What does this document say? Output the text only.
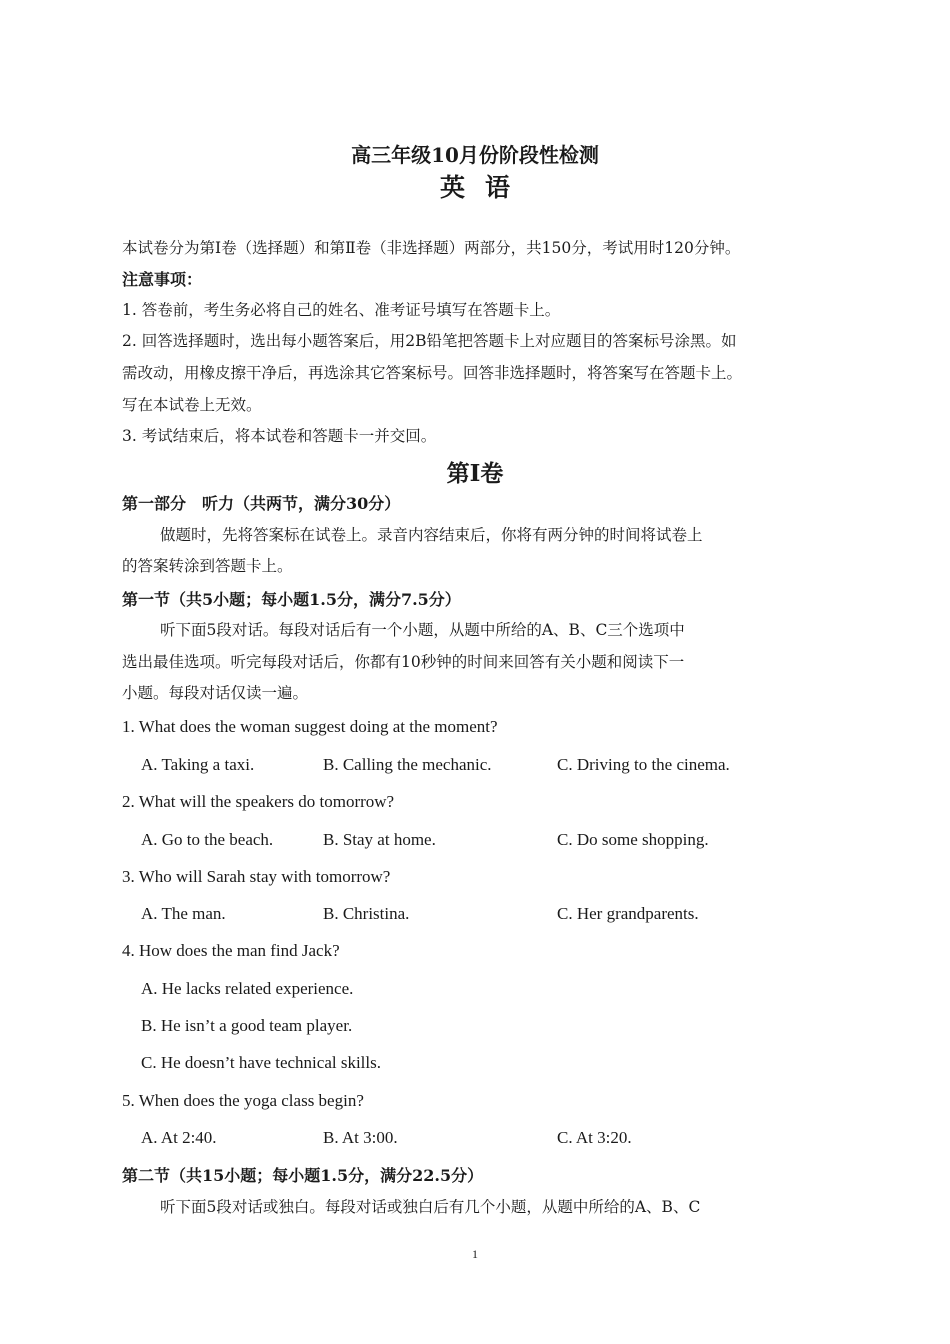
高三年级10月份阶段性检测
英语
本试卷分为第Ⅰ卷（选择题）和第Ⅱ卷（非选择题）两部分，共150分，考试用时120分钟。
注意事项：
1. 答卷前，考生务必将自己的姓名、准考证号填写在答题卡上。
2. 回答选择题时，选出每小题答案后，用2B铅笔把答题卡上对应题目的答案标号涂黑。如
需改动，用橡皮擦干净后，再选涂其它答案标号。回答非选择题时，将答案写在答题卡上。
写在本试卷上无效。
3. 考试结束后，将本试卷和答题卡一并交回。
第Ⅰ卷
第一部分　听力（共两节，满分30分）
做题时，先将答案标在试卷上。录音内容结束后，你将有两分钟的时间将试卷上
的答案转涂到答题卡上。
第一节（共5小题；每小题1.5分，满分7.5分）
听下面5段对话。每段对话后有一个小题，从题中所给的A、B、C三个选项中
选出最佳选项。听完每段对话后，你都有10秒钟的时间来回答有关小题和阅读下一
小题。每段对话仅读一遍。
1. What does the woman suggest doing at the moment?
A. Taking a taxi.	B. Calling the mechanic.	C. Driving to the cinema.
2. What will the speakers do tomorrow?
A. Go to the beach.	B. Stay at home.	C. Do some shopping.
3. Who will Sarah stay with tomorrow?
A. The man.	B. Christina.	C. Her grandparents.
4. How does the man find Jack?
A. He lacks related experience.
B. He isn’t a good team player.
C. He doesn’t have technical skills.
5. When does the yoga class begin?
A. At 2:40.	B. At 3:00.	C. At 3:20.
第二节（共15小题；每小题1.5分，满分22.5分）
听下面5段对话或独白。每段对话或独白后有几个小题，从题中所给的A、B、C
1
